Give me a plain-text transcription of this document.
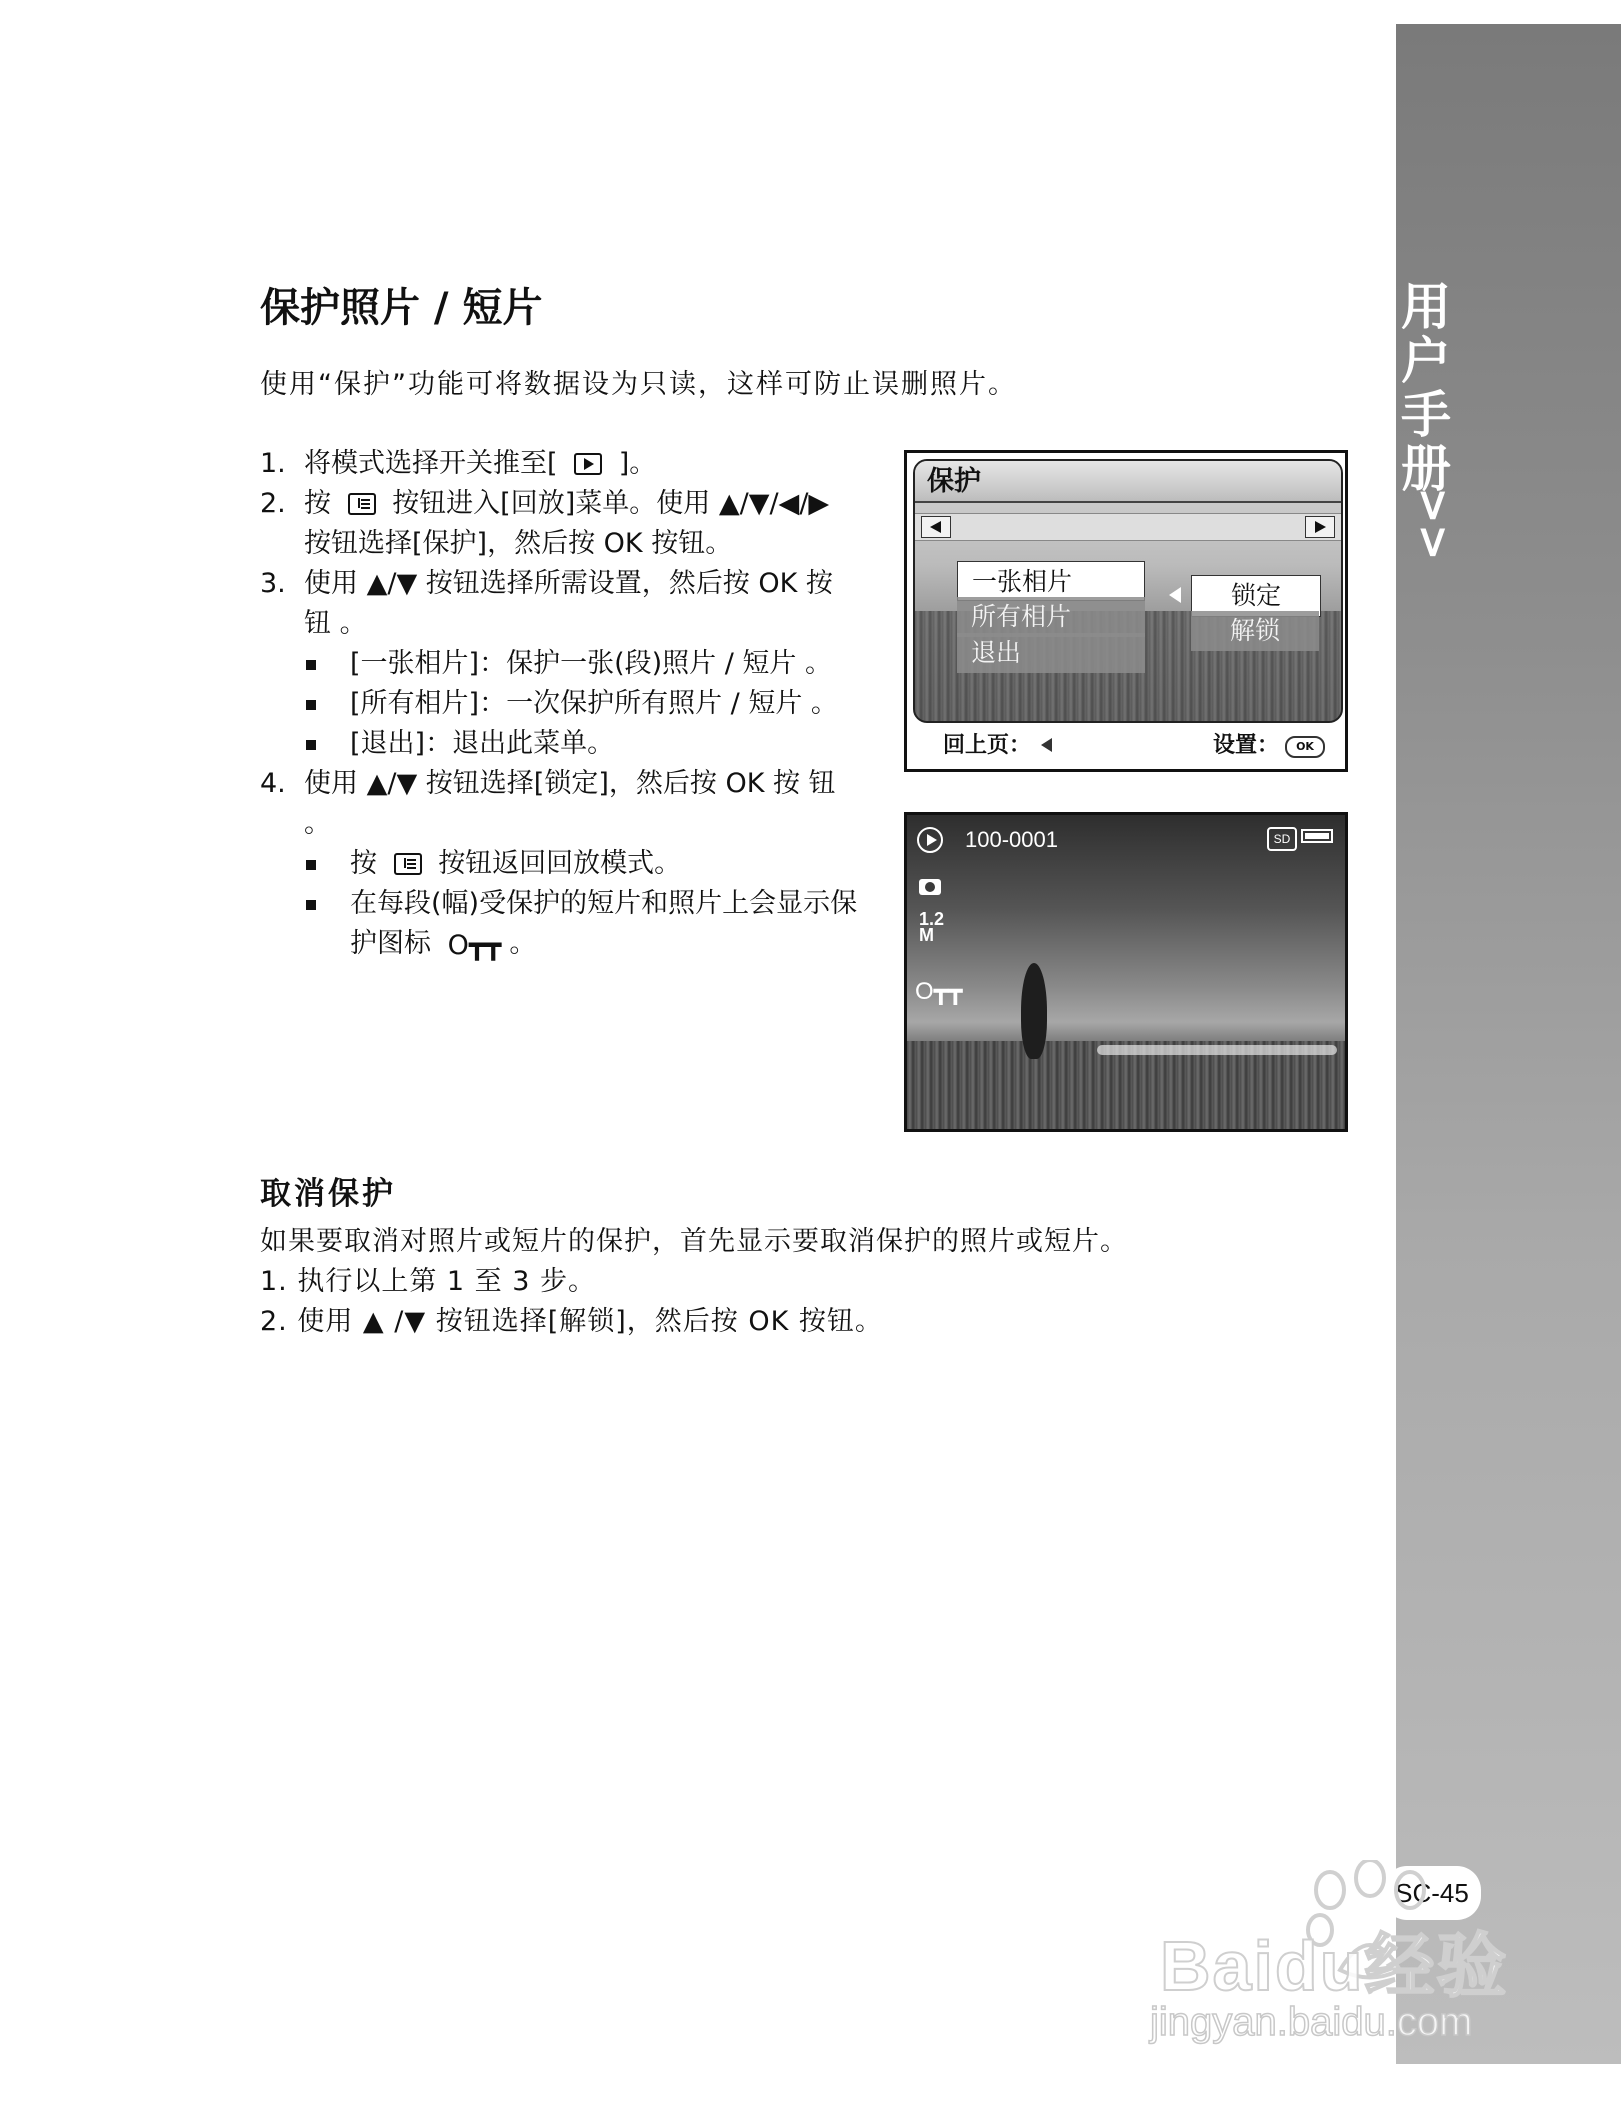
用户手册
>>
SC-45
保护照片 / 短片
使用“保护”功能可将数据设为只读，这样可防止误删照片。

1. 将模式选择开关推至[ ]。

2. 按 按钮进入[回放]菜单。使用 ▲/▼/◀/▶ 按钮选择[保护]，然后按 OK 按钮。

3. 使用 ▲/▼ 按钮选择所需设置，然后按 OK 按 钮 。

[一张相片]：保护一张(段)照片 / 短片 。

[所有相片]：一次保护所有照片 / 短片 。

[退出]：退出此菜单。

4. 使用 ▲/▼ 按钮选择[锁定]，然后按 OK 按 钮 。

按 按钮返回回放模式。

在每段(幅)受保护的短片和照片上会显示保护图标 O┳┳ 。

保护
一张相片
所有相片
退出
锁定
解锁
回上页：	设置： OK
100-0001	SD
1.2
M
O┳┳
取消保护

如果要取消对照片或短片的保护，首先显示要取消保护的照片或短片。

1. 执行以上第 1 至 3 步。

2. 使用 ▲ /▼ 按钮选择[解锁]，然后按 OK 按钮。

Baidu经验
jingyan.baidu.com
